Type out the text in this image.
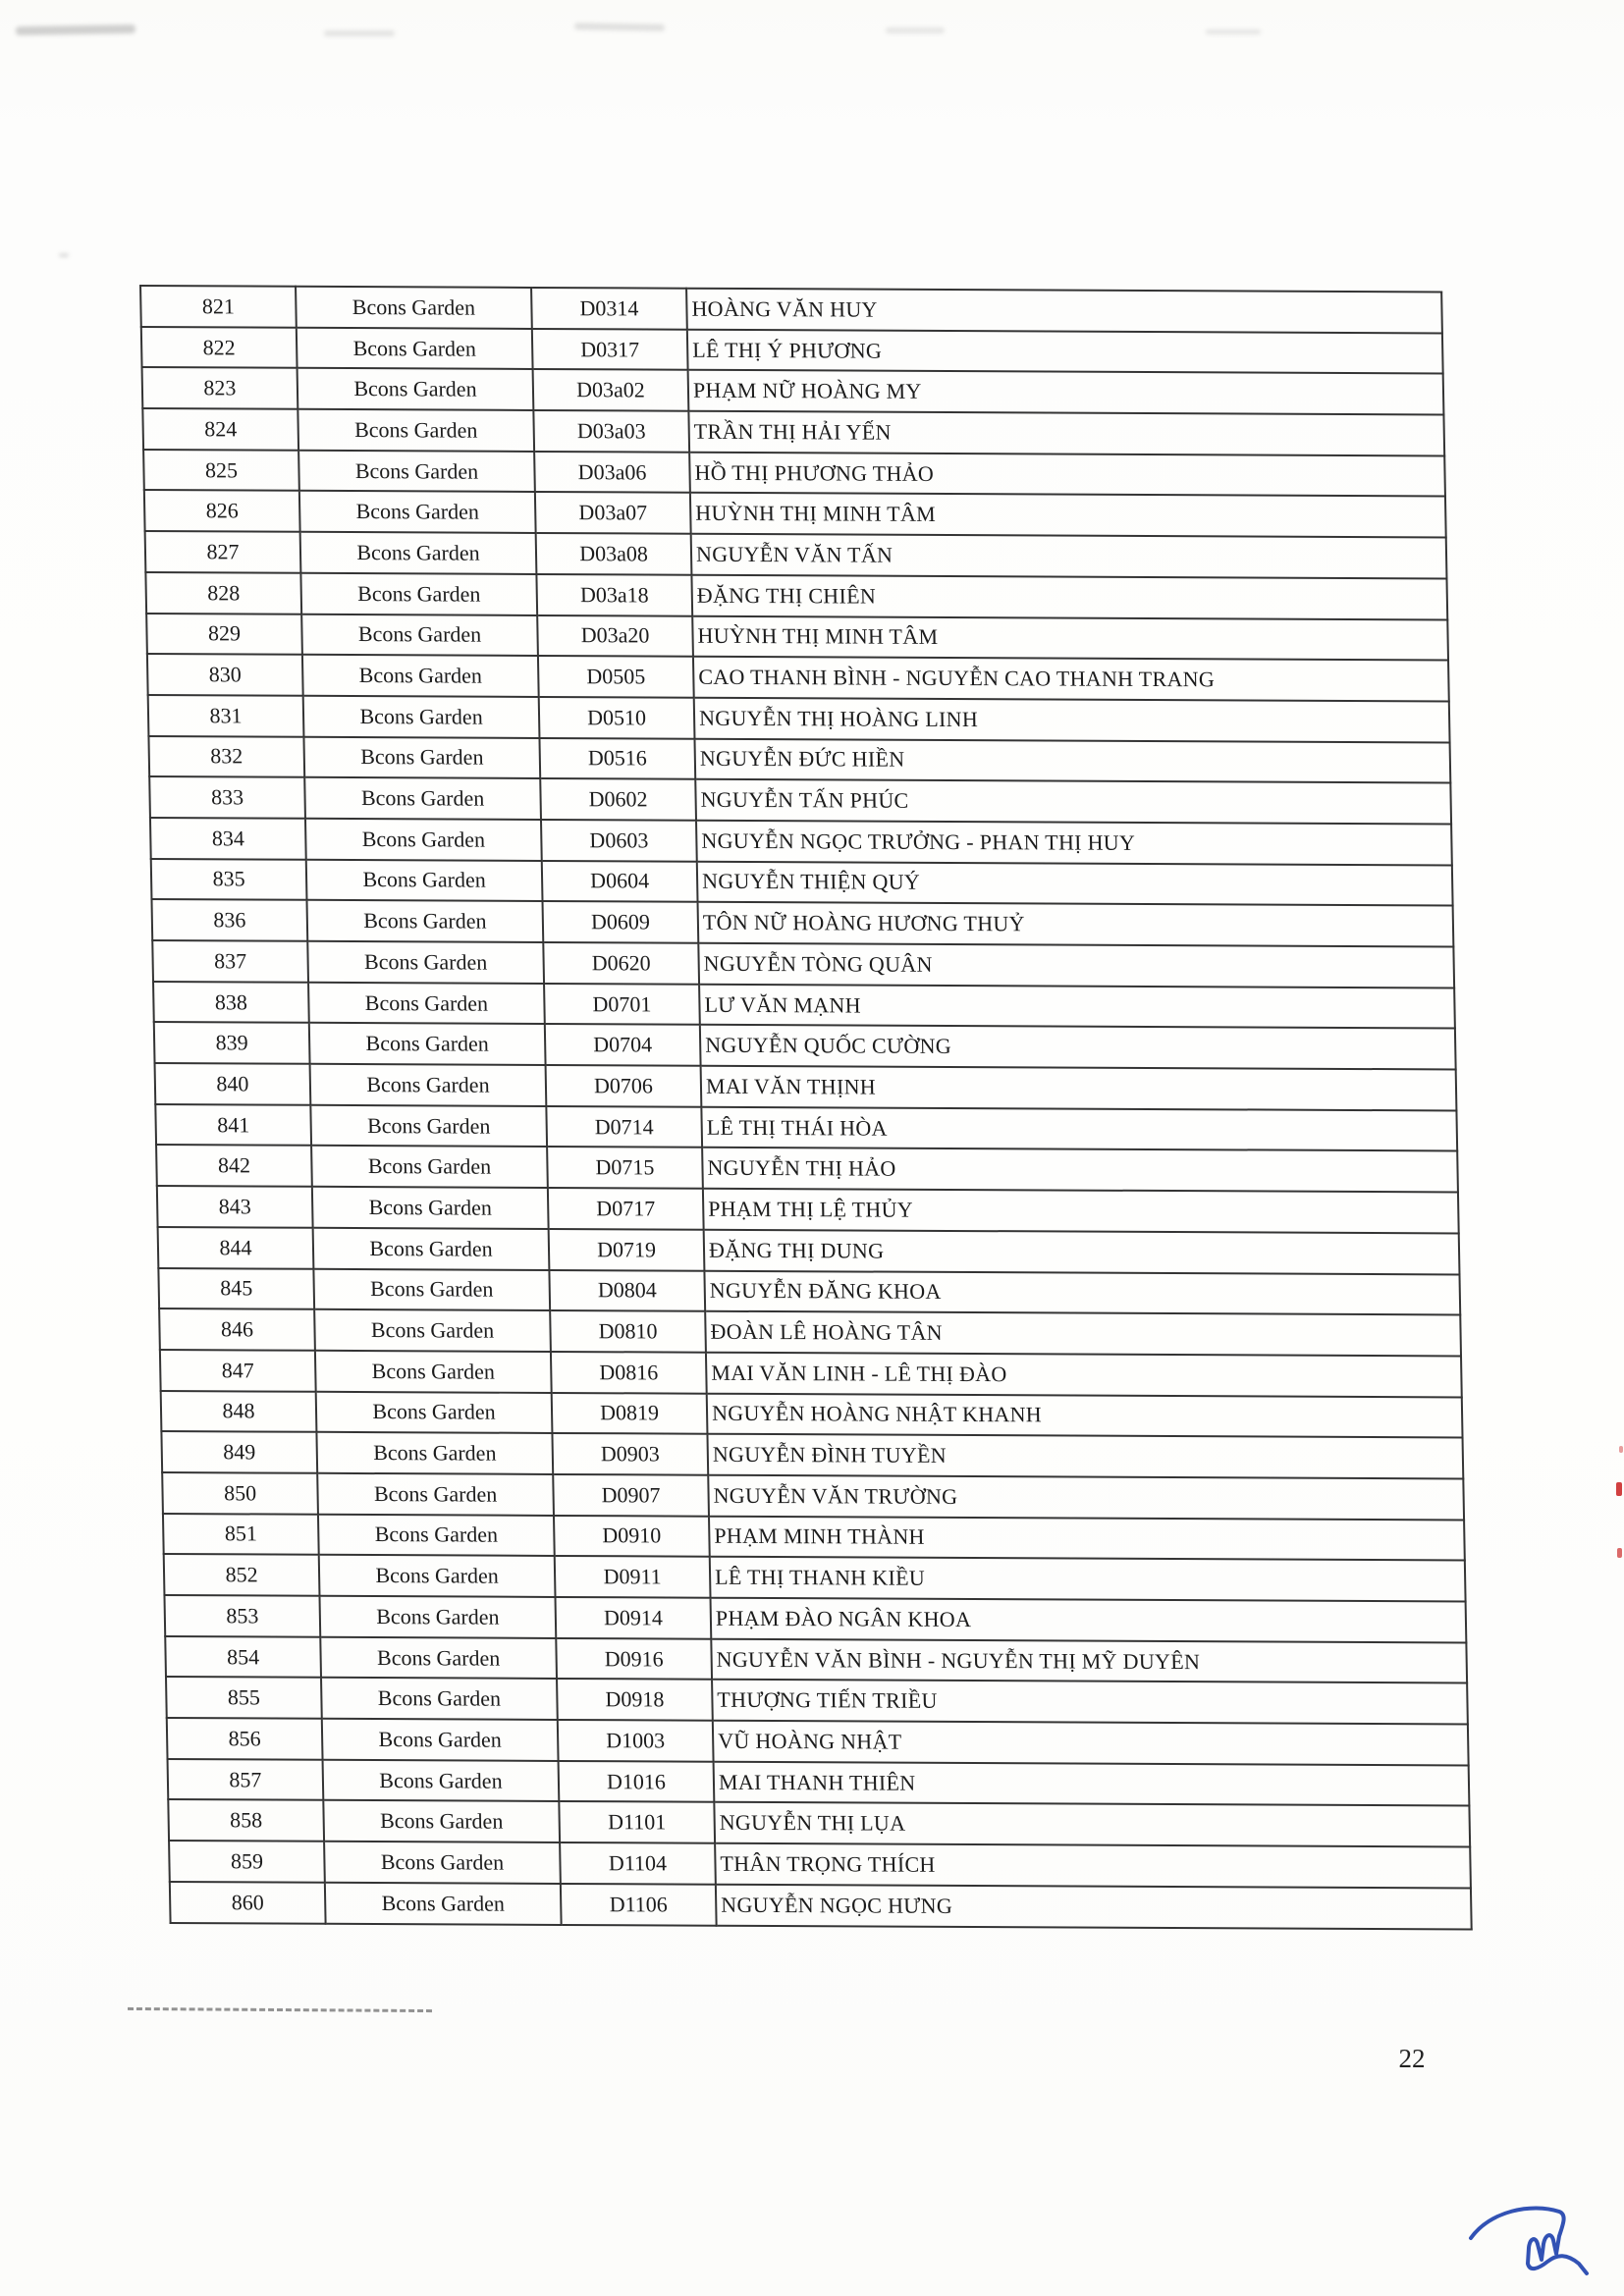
821	Bcons Garden	D0314	HOÀNG VĂN HUY
822	Bcons Garden	D0317	LÊ THỊ Ý PHƯƠNG
823	Bcons Garden	D03a02	PHẠM NỮ HOÀNG MY
824	Bcons Garden	D03a03	TRẦN THỊ HẢI YẾN
825	Bcons Garden	D03a06	HỒ THỊ PHƯƠNG THẢO
826	Bcons Garden	D03a07	HUỲNH THỊ MINH TÂM
827	Bcons Garden	D03a08	NGUYỄN VĂN TẤN
828	Bcons Garden	D03a18	ĐẶNG THỊ CHIÊN
829	Bcons Garden	D03a20	HUỲNH THỊ MINH TÂM
830	Bcons Garden	D0505	CAO THANH BÌNH - NGUYỄN CAO THANH TRANG
831	Bcons Garden	D0510	NGUYỄN THỊ HOÀNG LINH
832	Bcons Garden	D0516	NGUYỄN ĐỨC HIỀN
833	Bcons Garden	D0602	NGUYỄN TẤN PHÚC
834	Bcons Garden	D0603	NGUYỄN NGỌC TRƯỞNG - PHAN THỊ HUY
835	Bcons Garden	D0604	NGUYỄN THIỆN QUÝ
836	Bcons Garden	D0609	TÔN NỮ HOÀNG HƯƠNG THUỶ
837	Bcons Garden	D0620	NGUYỄN TÒNG QUÂN
838	Bcons Garden	D0701	LƯ VĂN MẠNH
839	Bcons Garden	D0704	NGUYỄN QUỐC CƯỜNG
840	Bcons Garden	D0706	MAI VĂN THỊNH
841	Bcons Garden	D0714	LÊ THỊ THÁI HÒA
842	Bcons Garden	D0715	NGUYỄN THỊ HẢO
843	Bcons Garden	D0717	PHẠM THỊ LỆ THỦY
844	Bcons Garden	D0719	ĐẶNG THỊ DUNG
845	Bcons Garden	D0804	NGUYỄN ĐĂNG KHOA
846	Bcons Garden	D0810	ĐOÀN LÊ HOÀNG TÂN
847	Bcons Garden	D0816	MAI VĂN LINH - LÊ THỊ ĐÀO
848	Bcons Garden	D0819	NGUYỄN HOÀNG NHẬT KHANH
849	Bcons Garden	D0903	NGUYỄN ĐÌNH TUYỀN
850	Bcons Garden	D0907	NGUYỄN VĂN TRƯỜNG
851	Bcons Garden	D0910	PHẠM MINH THÀNH
852	Bcons Garden	D0911	LÊ THỊ THANH KIỀU
853	Bcons Garden	D0914	PHẠM ĐÀO NGÂN KHOA
854	Bcons Garden	D0916	NGUYỄN VĂN BÌNH - NGUYỄN THỊ MỸ DUYÊN
855	Bcons Garden	D0918	THƯỢNG TIẾN TRIỀU
856	Bcons Garden	D1003	VŨ HOÀNG NHẬT
857	Bcons Garden	D1016	MAI THANH THIÊN
858	Bcons Garden	D1101	NGUYỄN THỊ LỤA
859	Bcons Garden	D1104	THÂN TRỌNG THÍCH
860	Bcons Garden	D1106	NGUYỄN NGỌC HƯNG
22
